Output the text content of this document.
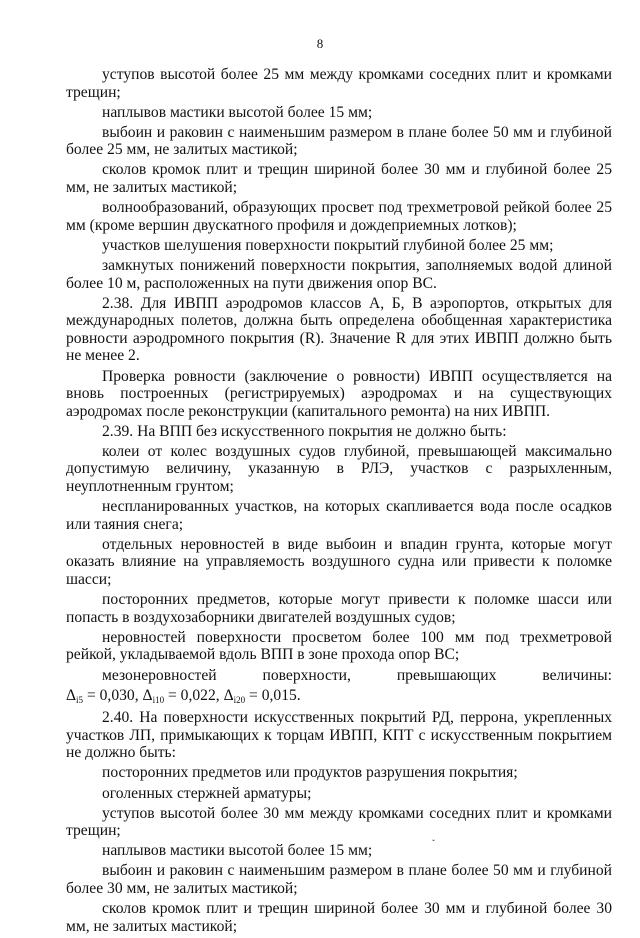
8

уступов высотой более 25 мм между кромками соседних плит и кромками трещин;

наплывов мастики высотой более 15 мм;

выбоин и раковин с наименьшим размером в плане более 50 мм и глубиной более 25 мм, не залитых мастикой;

сколов кромок плит и трещин шириной более 30 мм и глубиной более 25 мм, не залитых мастикой;

волнообразований, образующих просвет под трехметровой рейкой более 25 мм (кроме вершин двускатного профиля и дождеприемных лотков);

участков шелушения поверхности покрытий глубиной более 25 мм;

замкнутых понижений поверхности покрытия, заполняемых водой длиной более 10 м, расположенных на пути движения опор ВС.

2.38. Для ИВПП аэродромов классов А, Б, В аэропортов, открытых для международных полетов, должна быть определена обобщенная характеристика ровности аэродромного покрытия (R). Значение R для этих ИВПП должно быть не менее 2.

Проверка ровности (заключение о ровности) ИВПП осуществляется на вновь построенных (регистрируемых) аэродромах и на существующих аэродромах после реконструкции (капитального ремонта) на них ИВПП.

2.39. На ВПП без искусственного покрытия не должно быть:

колеи от колес воздушных судов глубиной, превышающей максимально допустимую величину, указанную в РЛЭ, участков с разрыхленным, неуплотненным грунтом;

неспланированных участков, на которых скапливается вода после осадков или таяния снега;

отдельных неровностей в виде выбоин и впадин грунта, которые могут оказать влияние на управляемость воздушного судна или привести к поломке шасси;

посторонних предметов, которые могут привести к поломке шасси или попасть в воздухозаборники двигателей воздушных судов;

неровностей поверхности просветом более 100 мм под трехметровой рейкой, укладываемой вдоль ВПП в зоне прохода опор ВС;

мезонеровностей поверхности, превышающих величины:

$\Delta_{i5} = 0,030$, $\Delta_{i10} = 0,022$, $\Delta_{i20} = 0,015$.

2.40. На поверхности искусственных покрытий РД, перрона, укрепленных участков ЛП, примыкающих к торцам ИВПП, КПТ с искусственным покрытием не должно быть:

посторонних предметов или продуктов разрушения покрытия;

оголенных стержней арматуры;

уступов высотой более 30 мм между кромками соседних плит и кромками трещин;

наплывов мастики высотой более 15 мм;

выбоин и раковин с наименьшим размером в плане более 50 мм и глубиной более 30 мм, не залитых мастикой;

сколов кромок плит и трещин шириной более 30 мм и глубиной более 30 мм, не залитых мастикой;

ˇ
